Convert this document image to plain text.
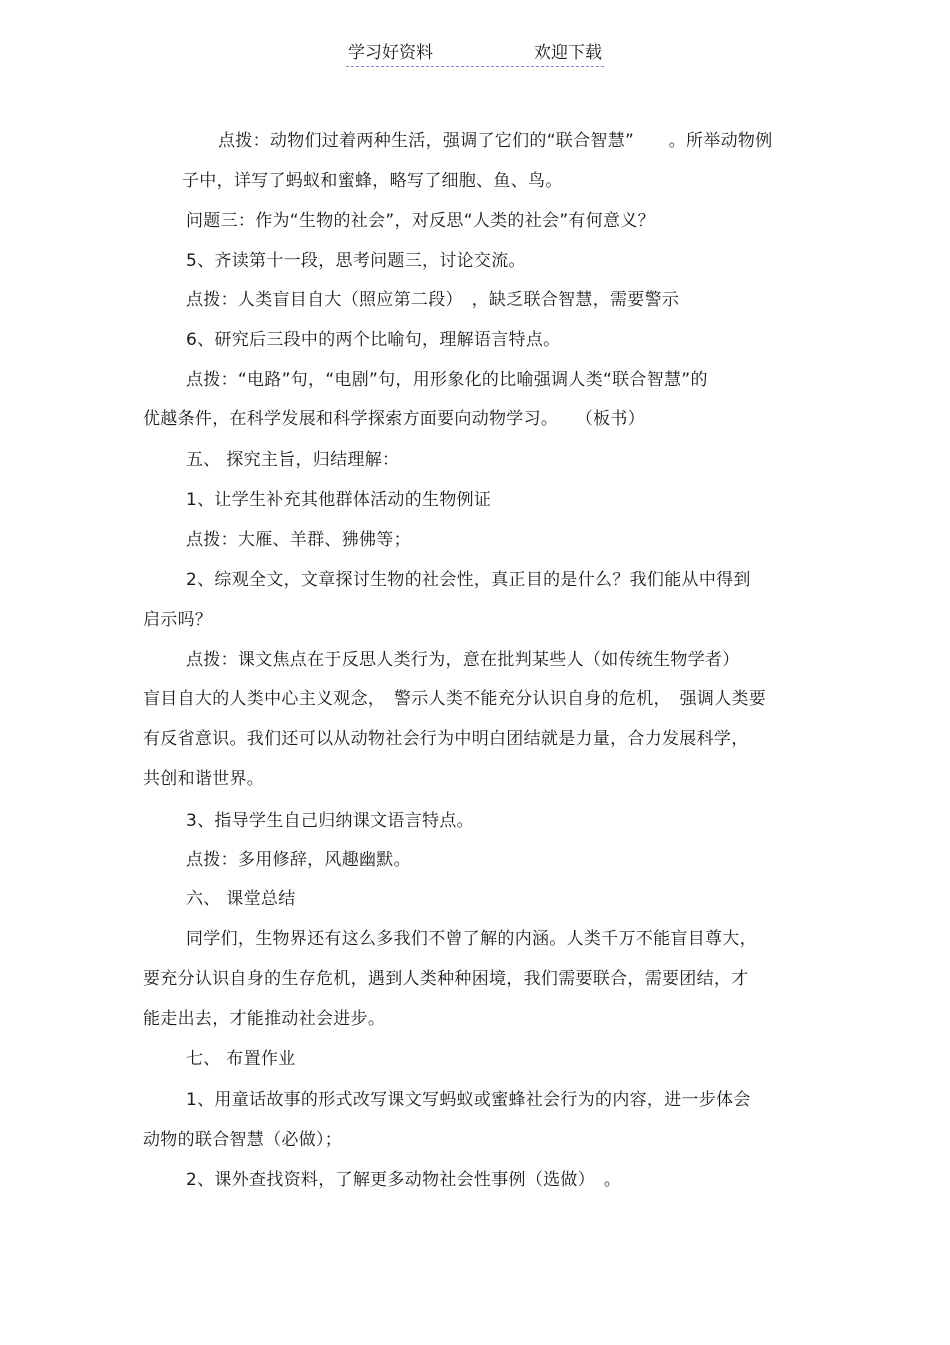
学习好资料	欢迎下载
点拨：动物们过着两种生活，强调了它们的“联合智慧”　　。所举动物例
子中，详写了蚂蚁和蜜蜂，略写了细胞、鱼、鸟。
问题三：作为“生物的社会”，对反思“人类的社会”有何意义？
5、齐读第十一段，思考问题三，讨论交流。
点拨：人类盲目自大（照应第二段）　，缺乏联合智慧，需要警示
6、研究后三段中的两个比喻句，理解语言特点。
点拨：“电路”句，“电剧”句，用形象化的比喻强调人类“联合智慧”的
优越条件，在科学发展和科学探索方面要向动物学习。　　（板书）
五、 探究主旨，归结理解：
1、让学生补充其他群体活动的生物例证
点拨：大雁、羊群、狒佛等；
2、综观全文，文章探讨生物的社会性，真正目的是什么？我们能从中得到
启示吗？
点拨：课文焦点在于反思人类行为，意在批判某些人（如传统生物学者）
盲目自大的人类中心主义观念，　警示人类不能充分认识自身的危机，　强调人类要
有反省意识。我们还可以从动物社会行为中明白团结就是力量，合力发展科学，
共创和谐世界。
3、指导学生自己归纳课文语言特点。
点拨：多用修辞，风趣幽默。
六、 课堂总结
同学们，生物界还有这么多我们不曾了解的内涵。人类千万不能盲目尊大，
要充分认识自身的生存危机，遇到人类种种困境，我们需要联合，需要团结，才
能走出去，才能推动社会进步。
七、 布置作业
1、用童话故事的形式改写课文写蚂蚁或蜜蜂社会行为的内容，进一步体会
动物的联合智慧（必做）；
2、课外查找资料，了解更多动物社会性事例（选做）　。
